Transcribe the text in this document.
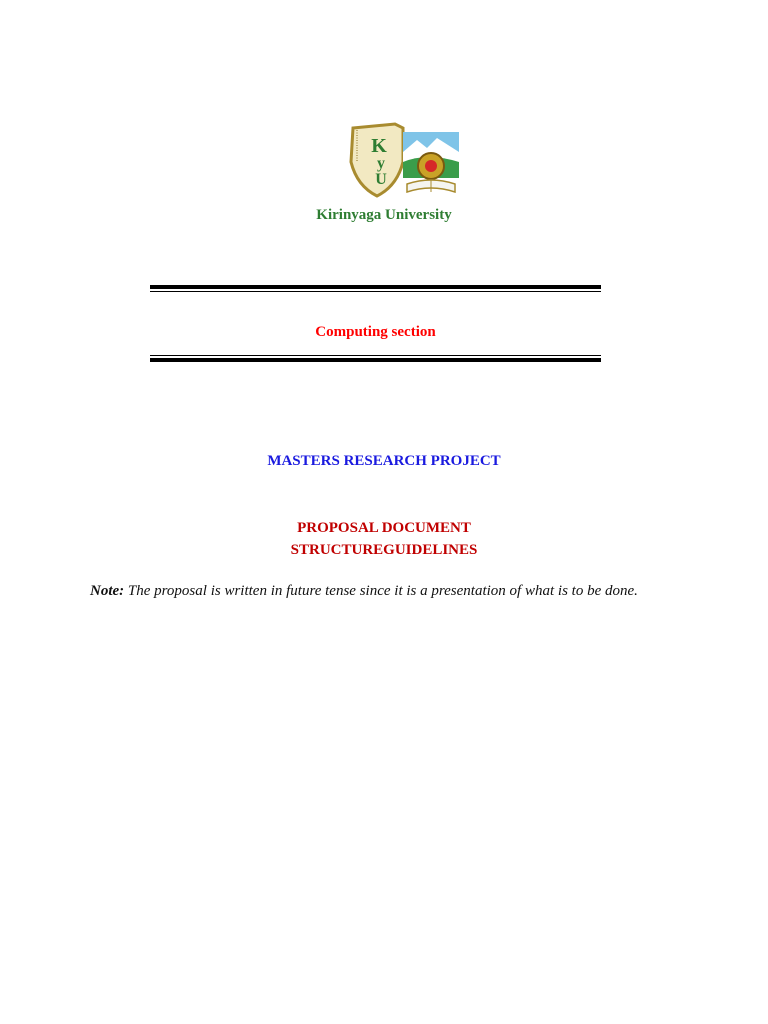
K
y
U
Kirinyaga University
Computing section
MASTERS RESEARCH PROJECT
PROPOSAL DOCUMENT
STRUCTUREGUIDELINES
Note: The proposal is written in future tense since it is a presentation of what is to be done.
